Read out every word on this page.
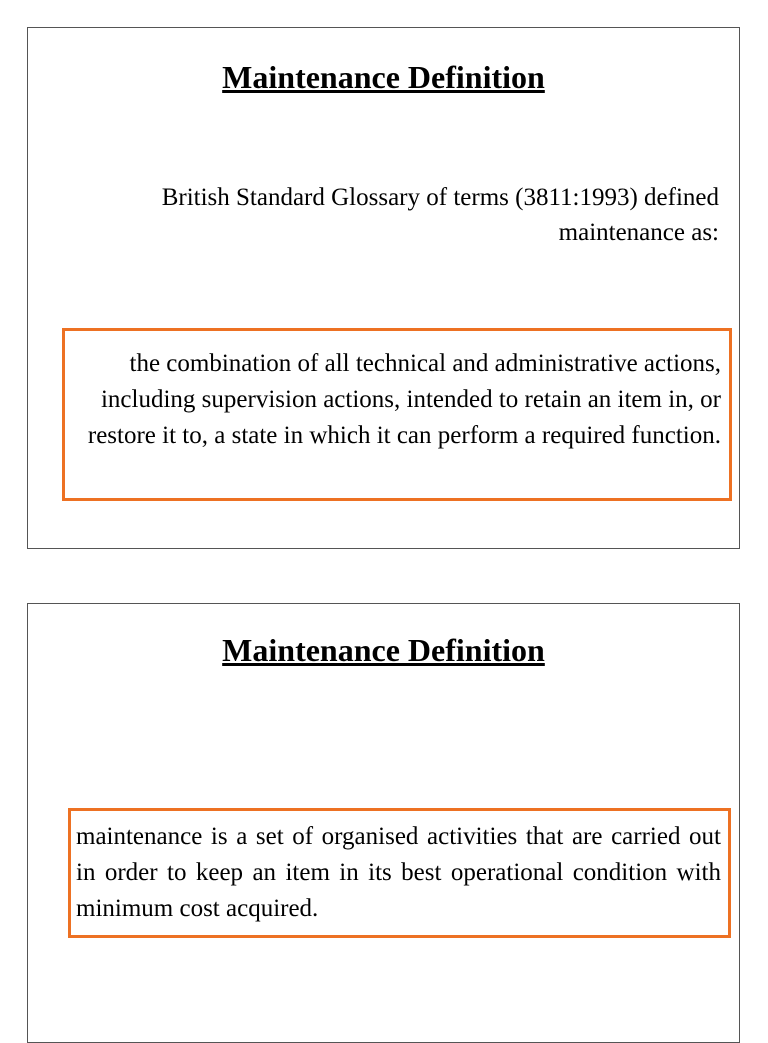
Maintenance Definition

British Standard Glossary of terms (3811:1993) defined maintenance as:

the combination of all technical and administrative actions, including supervision actions, intended to retain an item in, or restore it to, a state in which it can perform a required function.

Maintenance Definition

maintenance is a set of organised activities that are carried out in order to keep an item in its best operational condition with minimum cost acquired.
